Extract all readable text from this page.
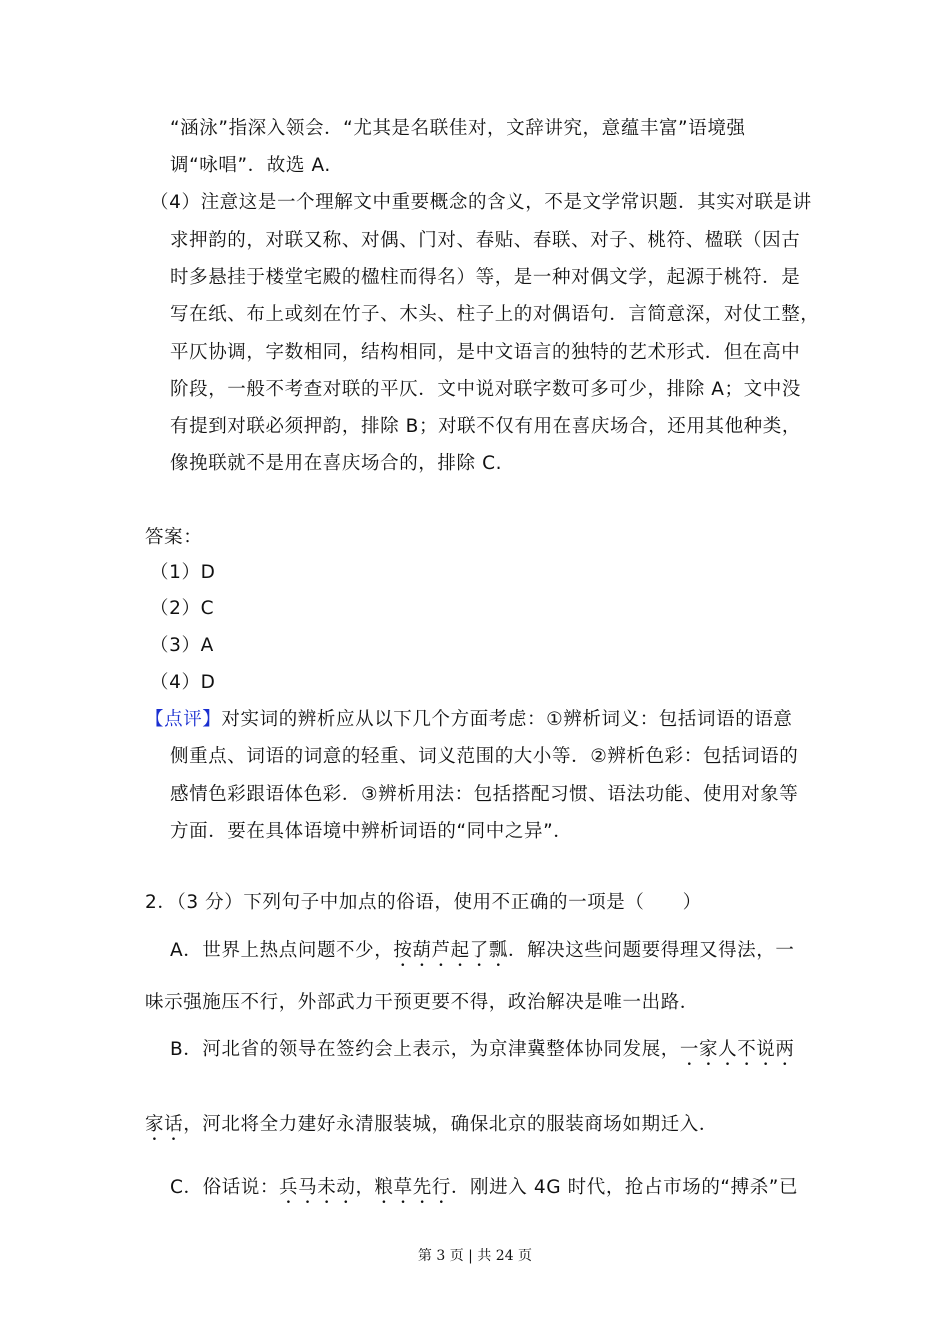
“涵泳”指深入领会．“尤其是名联佳对，文辞讲究，意蕴丰富”语境强
调“咏唱”．故选 A.
（4）注意这是一个理解文中重要概念的含义，不是文学常识题．其实对联是讲
求押韵的，对联又称、对偶、门对、春贴、春联、对子、桃符、楹联（因古
时多悬挂于楼堂宅殿的楹柱而得名）等，是一种对偶文学，起源于桃符．是
写在纸、布上或刻在竹子、木头、柱子上的对偶语句．言简意深，对仗工整，
平仄协调，字数相同，结构相同，是中文语言的独特的艺术形式．但在高中
阶段，一般不考查对联的平仄．文中说对联字数可多可少，排除 A；文中没
有提到对联必须押韵，排除 B；对联不仅有用在喜庆场合，还用其他种类，
像挽联就不是用在喜庆场合的，排除 C.
答案：
（1）D
（2）C
（3）A
（4）D
【点评】对实词的辨析应从以下几个方面考虑：①辨析词义：包括词语的语意
侧重点、词语的词意的轻重、词义范围的大小等．②辨析色彩：包括词语的
感情色彩跟语体色彩．③辨析用法：包括搭配习惯、语法功能、使用对象等
方面．要在具体语境中辨析词语的“同中之异”．
2．（3 分）下列句子中加点的俗语，使用不正确的一项是（　　）
A．世界上热点问题不少，按葫芦起了瓢．解决这些问题要得理又得法，一
味示强施压不行，外部武力干预更要不得，政治解决是唯一出路．
B．河北省的领导在签约会上表示，为京津冀整体协同发展，一家人不说两
家话，河北将全力建好永清服装城，确保北京的服装商场如期迁入．
C．俗话说：兵马未动，粮草先行．刚进入 4G 时代，抢占市场的“搏杀”已
第 3 页 | 共 24 页
